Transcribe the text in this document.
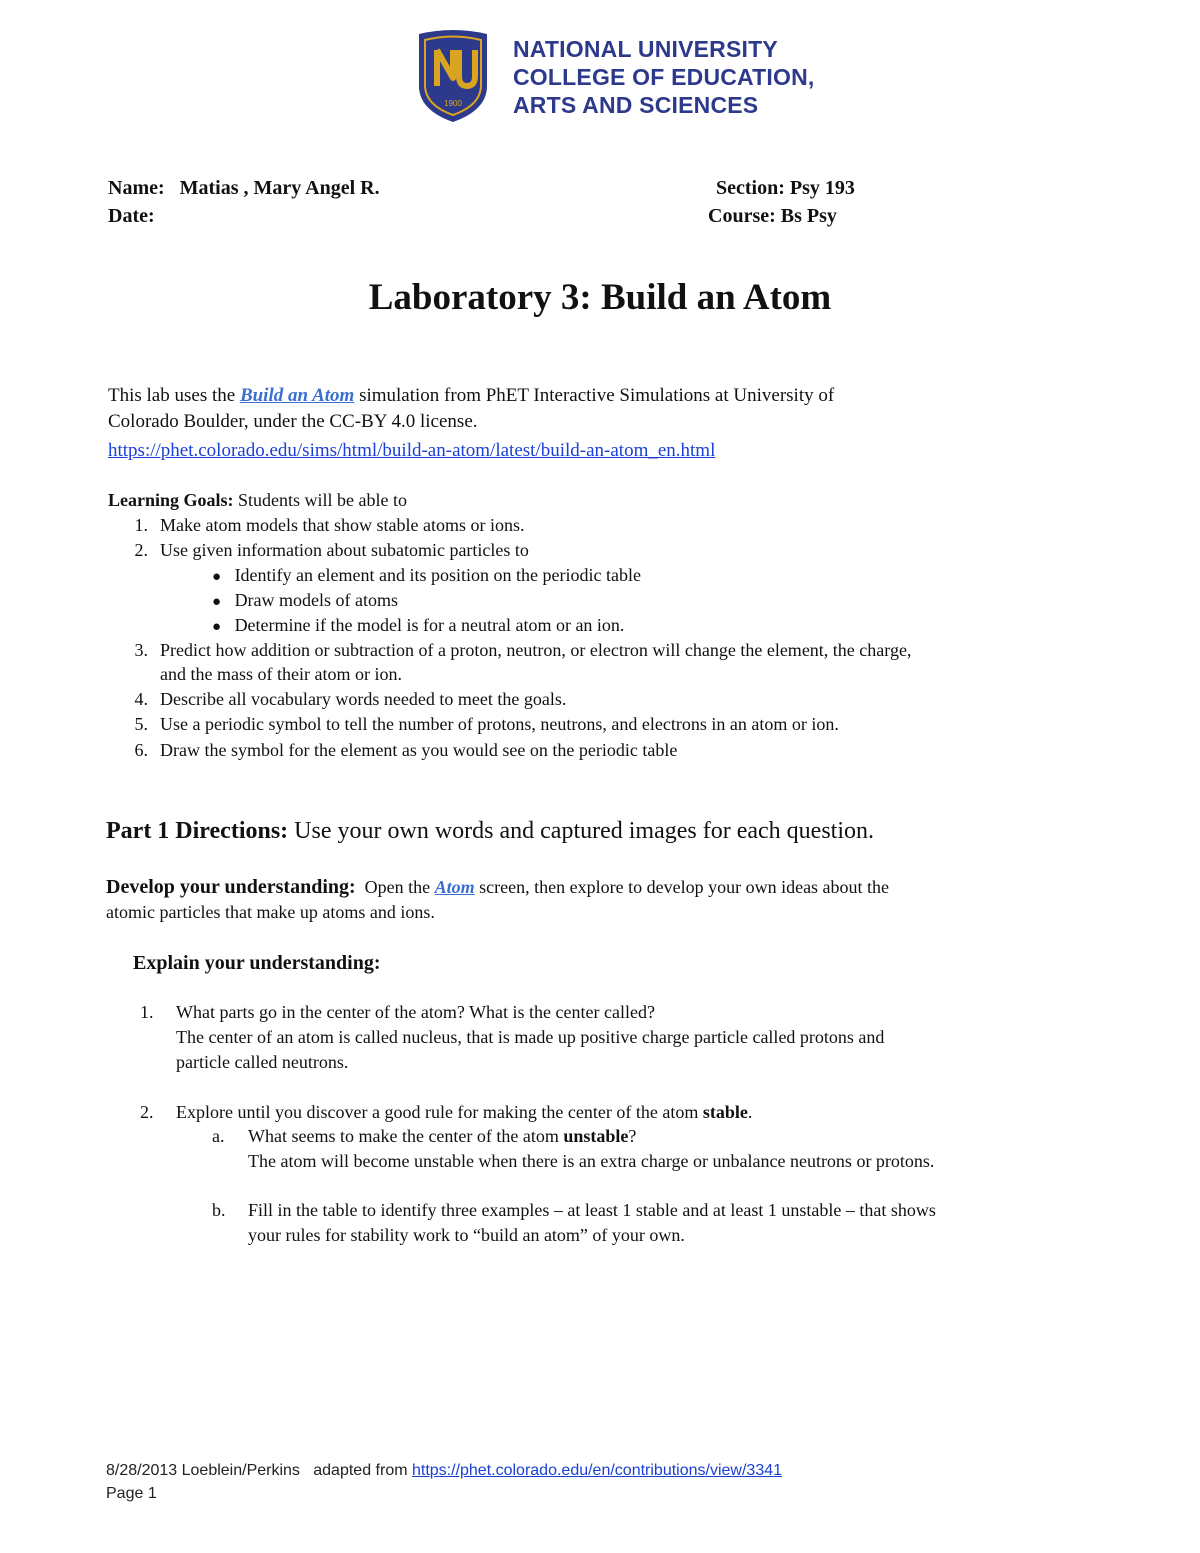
1900
NATIONAL UNIVERSITY
COLLEGE OF EDUCATION,
ARTS AND SCIENCES
Name: Matias , Mary Angel R.	Section: Psy 193
Date:	Course: Bs Psy
Laboratory 3: Build an Atom
This lab uses the Build an Atom simulation from PhET Interactive Simulations at University of
Colorado Boulder, under the CC-BY 4.0 license.
https://phet.colorado.edu/sims/html/build-an-atom/latest/build-an-atom_en.html
Learning Goals: Students will be able to
1. Make atom models that show stable atoms or ions.
2. Use given information about subatomic particles to
● Identify an element and its position on the periodic table
● Draw models of atoms
● Determine if the model is for a neutral atom or an ion.
3. Predict how addition or subtraction of a proton, neutron, or electron will change the element, the charge,
and the mass of their atom or ion.
4. Describe all vocabulary words needed to meet the goals.
5. Use a periodic symbol to tell the number of protons, neutrons, and electrons in an atom or ion.
6. Draw the symbol for the element as you would see on the periodic table
Part 1 Directions: Use your own words and captured images for each question.
Develop your understanding:  Open the Atom screen, then explore to develop your own ideas about the
atomic particles that make up atoms and ions.
Explain your understanding:
1. What parts go in the center of the atom? What is the center called?
The center of an atom is called nucleus, that is made up positive charge particle called protons and
particle called neutrons.
2. Explore until you discover a good rule for making the center of the atom stable.
a. What seems to make the center of the atom unstable?
The atom will become unstable when there is an extra charge or unbalance neutrons or protons.
b. Fill in the table to identify three examples – at least 1 stable and at least 1 unstable – that shows
your rules for stability work to “build an atom” of your own.
8/28/2013 Loeblein/Perkins   adapted from https://phet.colorado.edu/en/contributions/view/3341
Page 1
